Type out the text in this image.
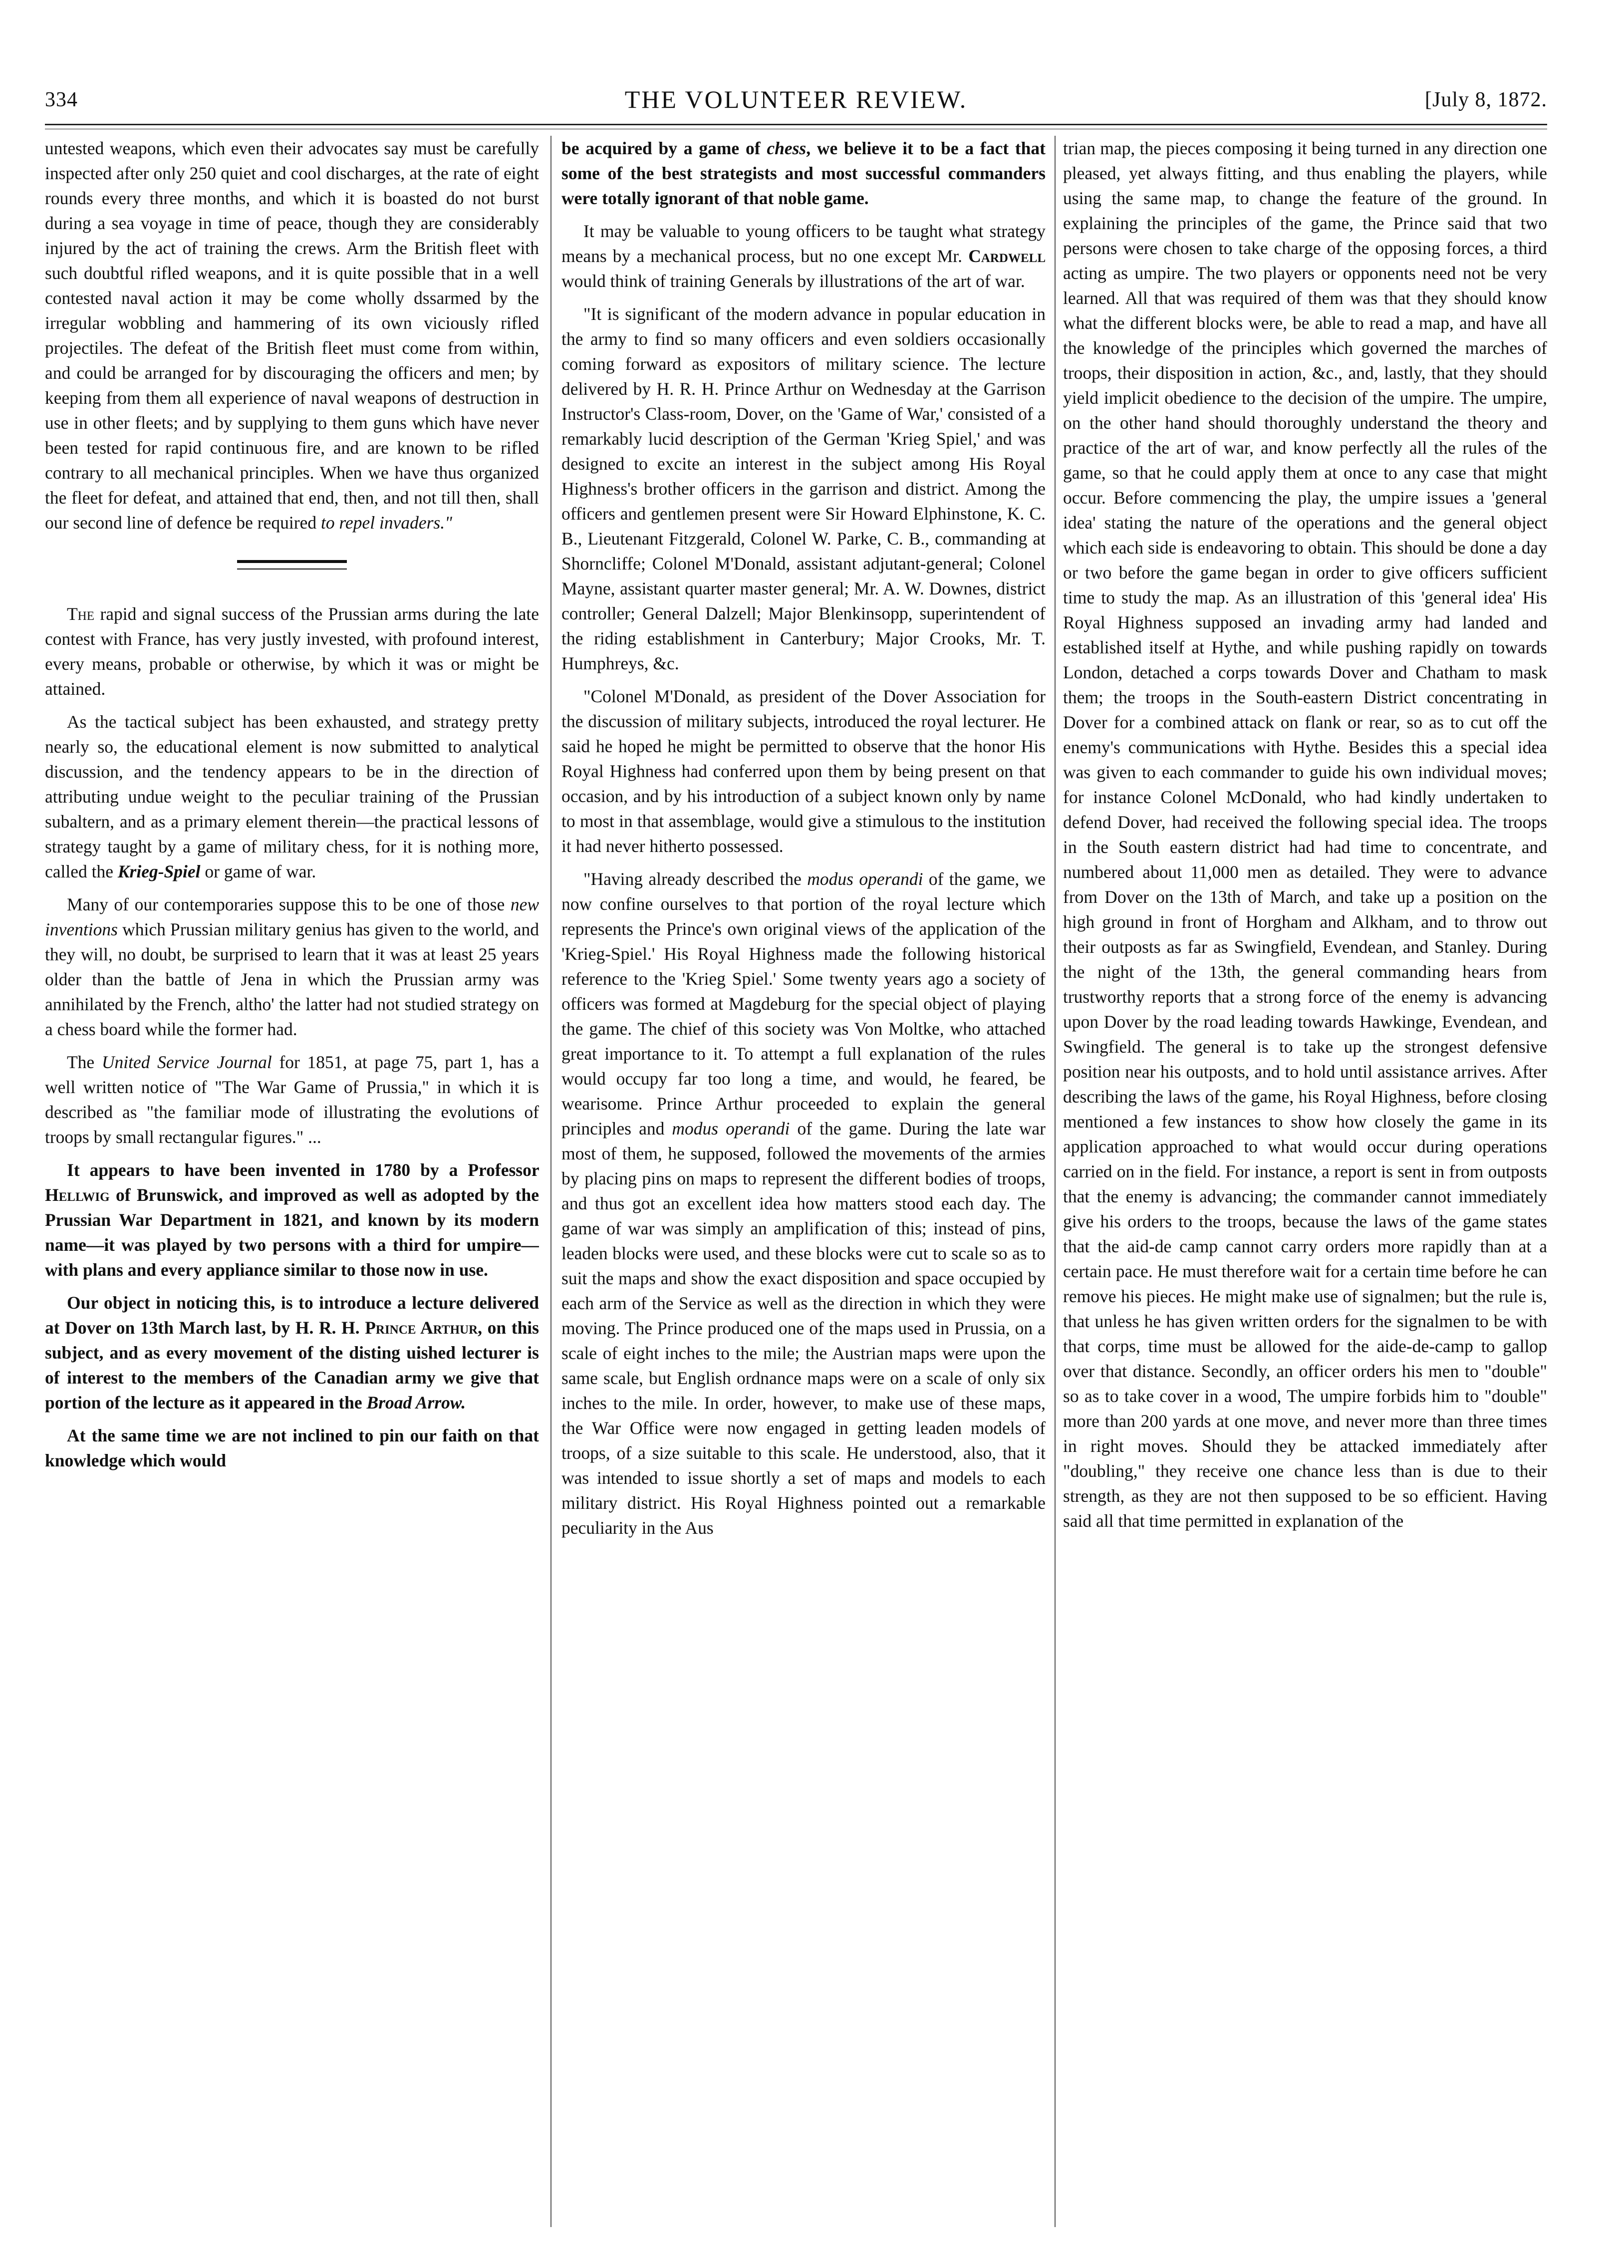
334	THE VOLUNTEER REVIEW.	[July 8, 1872.

untested weapons, which even their advocates say must be carefully inspected after only 250 quiet and cool discharges, at the rate of eight rounds every three months, and which it is boasted do not burst during a sea voyage in time of peace, though they are considerably injured by the act of training the crews. Arm the British fleet with such doubtful rifled weapons, and it is quite possible that in a well contested naval action it may be come wholly dssarmed by the irregular wobbling and hammering of its own viciously rifled projectiles. The defeat of the British fleet must come from within, and could be arranged for by discouraging the officers and men; by keeping from them all experience of naval weapons of destruction in use in other fleets; and by supplying to them guns which have never been tested for rapid continuous fire, and are known to be rifled contrary to all mechanical principles. When we have thus organized the fleet for defeat, and attained that end, then, and not till then, shall our second line of defence be required to repel invaders."

The rapid and signal success of the Prussian arms during the late contest with France, has very justly invested, with profound interest, every means, probable or otherwise, by which it was or might be attained.

As the tactical subject has been exhausted, and strategy pretty nearly so, the educational element is now submitted to analytical discussion, and the tendency appears to be in the direction of attributing undue weight to the peculiar training of the Prussian subaltern, and as a primary element therein—the practical lessons of strategy taught by a game of military chess, for it is nothing more, called the Krieg-Spiel or game of war.

Many of our contemporaries suppose this to be one of those new inventions which Prussian military genius has given to the world, and they will, no doubt, be surprised to learn that it was at least 25 years older than the battle of Jena in which the Prussian army was annihilated by the French, altho' the latter had not studied strategy on a chess board while the former had.

The United Service Journal for 1851, at page 75, part 1, has a well written notice of "The War Game of Prussia," in which it is described as "the familiar mode of illustrating the evolutions of troops by small rectangular figures." ...

It appears to have been invented in 1780 by a Professor Hellwig of Brunswick, and improved as well as adopted by the Prussian War Department in 1821, and known by its modern name—it was played by two persons with a third for umpire—with plans and every appliance similar to those now in use.

Our object in noticing this, is to introduce a lecture delivered at Dover on 13th March last, by H. R. H. Prince Arthur, on this subject, and as every movement of the disting uished lecturer is of interest to the members of the Canadian army we give that portion of the lecture as it appeared in the Broad Arrow.

At the same time we are not inclined to pin our faith on that knowledge which would

be acquired by a game of chess, we believe it to be a fact that some of the best strategists and most successful commanders were totally ignorant of that noble game.

It may be valuable to young officers to be taught what strategy means by a mechanical process, but no one except Mr. Cardwell would think of training Generals by illustrations of the art of war.

"It is significant of the modern advance in popular education in the army to find so many officers and even soldiers occasionally coming forward as expositors of military science. The lecture delivered by H. R. H. Prince Arthur on Wednesday at the Garrison Instructor's Class-room, Dover, on the 'Game of War,' consisted of a remarkably lucid description of the German 'Krieg Spiel,' and was designed to excite an interest in the subject among His Royal Highness's brother officers in the garrison and district. Among the officers and gentlemen present were Sir Howard Elphinstone, K. C. B., Lieutenant Fitzgerald, Colonel W. Parke, C. B., commanding at Shorncliffe; Colonel M'Donald, assistant adjutant-general; Colonel Mayne, assistant quarter master general; Mr. A. W. Downes, district controller; General Dalzell; Major Blenkinsopp, superintendent of the riding establishment in Canterbury; Major Crooks, Mr. T. Humphreys, &c.

"Colonel M'Donald, as president of the Dover Association for the discussion of military subjects, introduced the royal lecturer. He said he hoped he might be permitted to observe that the honor His Royal Highness had conferred upon them by being present on that occasion, and by his introduction of a subject known only by name to most in that assemblage, would give a stimulous to the institution it had never hitherto possessed.

"Having already described the modus operandi of the game, we now confine ourselves to that portion of the royal lecture which represents the Prince's own original views of the application of the 'Krieg-Spiel.' His Royal Highness made the following historical reference to the 'Krieg Spiel.' Some twenty years ago a society of officers was formed at Magdeburg for the special object of playing the game. The chief of this society was Von Moltke, who attached great importance to it. To attempt a full explanation of the rules would occupy far too long a time, and would, he feared, be wearisome. Prince Arthur proceeded to explain the general principles and modus operandi of the game. During the late war most of them, he supposed, followed the movements of the armies by placing pins on maps to represent the different bodies of troops, and thus got an excellent idea how matters stood each day. The game of war was simply an amplification of this; instead of pins, leaden blocks were used, and these blocks were cut to scale so as to suit the maps and show the exact disposition and space occupied by each arm of the Service as well as the direction in which they were moving. The Prince produced one of the maps used in Prussia, on a scale of eight inches to the mile; the Austrian maps were upon the same scale, but English ordnance maps were on a scale of only six inches to the mile. In order, however, to make use of these maps, the War Office were now engaged in getting leaden models of troops, of a size suitable to this scale. He understood, also, that it was intended to issue shortly a set of maps and models to each military district. His Royal Highness pointed out a remarkable peculiarity in the Aus

trian map, the pieces composing it being turned in any direction one pleased, yet always fitting, and thus enabling the players, while using the same map, to change the feature of the ground. In explaining the principles of the game, the Prince said that two persons were chosen to take charge of the opposing forces, a third acting as umpire. The two players or opponents need not be very learned. All that was required of them was that they should know what the different blocks were, be able to read a map, and have all the knowledge of the principles which governed the marches of troops, their disposition in action, &c., and, lastly, that they should yield implicit obedience to the decision of the umpire. The umpire, on the other hand should thoroughly understand the theory and practice of the art of war, and know perfectly all the rules of the game, so that he could apply them at once to any case that might occur. Before commencing the play, the umpire issues a 'general idea' stating the nature of the operations and the general object which each side is endeavoring to obtain. This should be done a day or two before the game began in order to give officers sufficient time to study the map. As an illustration of this 'general idea' His Royal Highness supposed an invading army had landed and established itself at Hythe, and while pushing rapidly on towards London, detached a corps towards Dover and Chatham to mask them; the troops in the South-eastern District concentrating in Dover for a combined attack on flank or rear, so as to cut off the enemy's communications with Hythe. Besides this a special idea was given to each commander to guide his own individual moves; for instance Colonel McDonald, who had kindly undertaken to defend Dover, had received the following special idea. The troops in the South eastern district had had time to concentrate, and numbered about 11,000 men as detailed. They were to advance from Dover on the 13th of March, and take up a position on the high ground in front of Horgham and Alkham, and to throw out their outposts as far as Swingfield, Evendean, and Stanley. During the night of the 13th, the general commanding hears from trustworthy reports that a strong force of the enemy is advancing upon Dover by the road leading towards Hawkinge, Evendean, and Swingfield. The general is to take up the strongest defensive position near his outposts, and to hold until assistance arrives. After describing the laws of the game, his Royal Highness, before closing mentioned a few instances to show how closely the game in its application approached to what would occur during operations carried on in the field. For instance, a report is sent in from outposts that the enemy is advancing; the commander cannot immediately give his orders to the troops, because the laws of the game states that the aid-de camp cannot carry orders more rapidly than at a certain pace. He must therefore wait for a certain time before he can remove his pieces. He might make use of signalmen; but the rule is, that unless he has given written orders for the signalmen to be with that corps, time must be allowed for the aide-de-camp to gallop over that distance. Secondly, an officer orders his men to "double" so as to take cover in a wood, The umpire forbids him to "double" more than 200 yards at one move, and never more than three times in right moves. Should they be attacked immediately after "doubling," they receive one chance less than is due to their strength, as they are not then supposed to be so efficient. Having said all that time permitted in explanation of the
